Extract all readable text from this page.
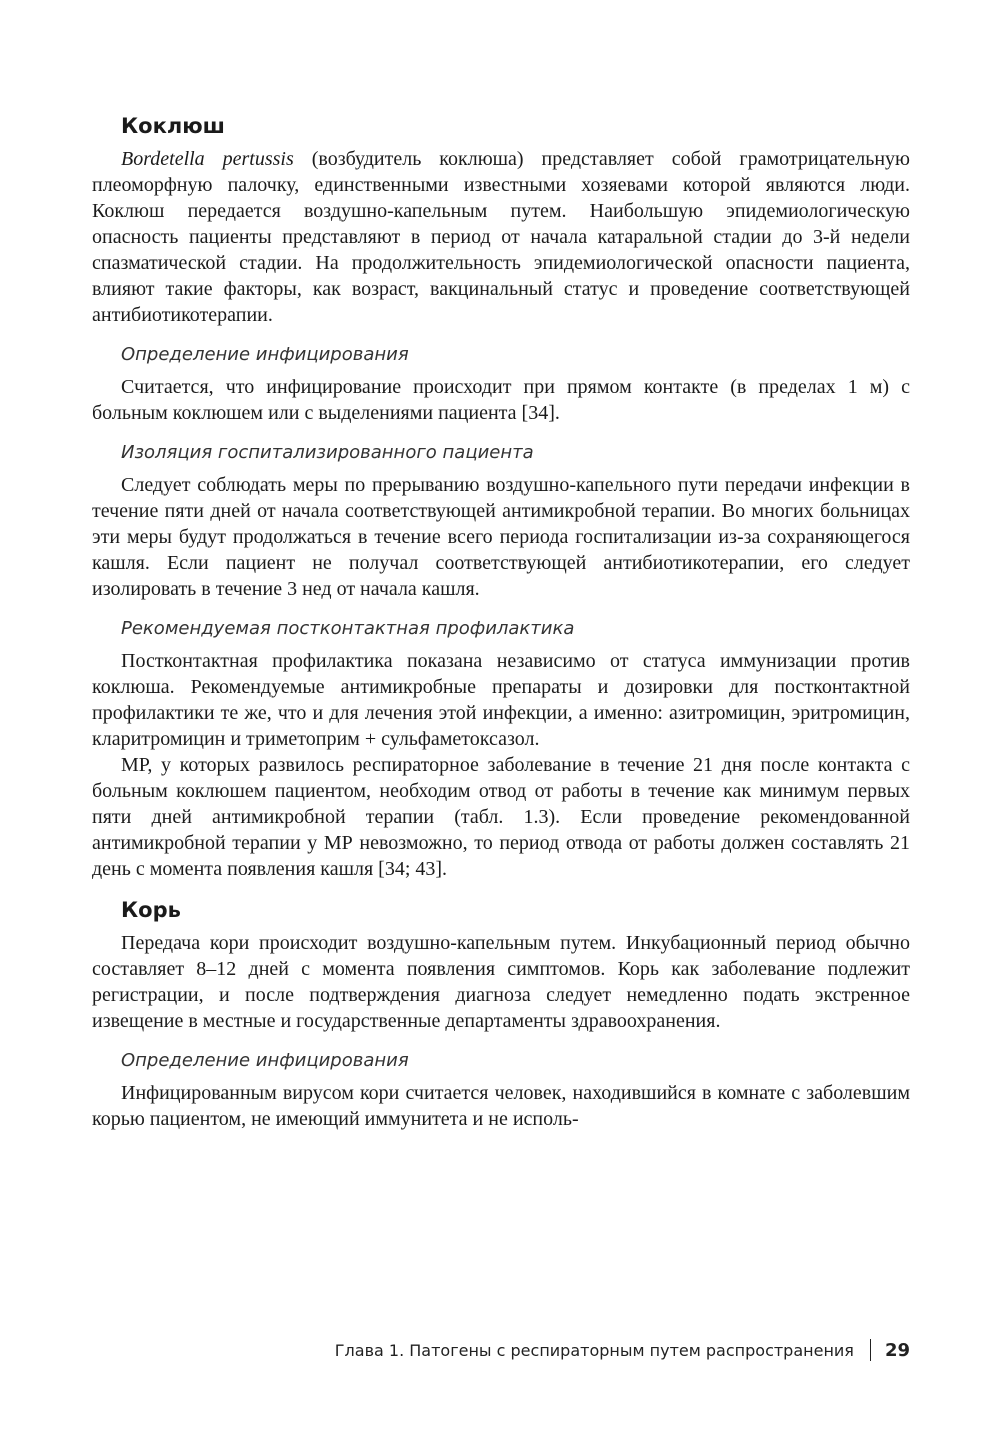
Коклюш

Bordetella pertussis (возбудитель коклюша) представляет собой грамотрицательную плеоморфную палочку, единственными известными хозяевами которой являются люди. Коклюш передается воздушно-капельным путем. Наибольшую эпидемиологическую опасность пациенты представляют в период от начала катаральной стадии до 3-й недели спазматической стадии. На продолжительность эпидемиологической опасности пациента, влияют такие факторы, как возраст, вакцинальный статус и проведение соответствующей антибиотикотерапии.

Определение инфицирования

Считается, что инфицирование происходит при прямом контакте (в пределах 1 м) с больным коклюшем или с выделениями пациента [34].

Изоляция госпитализированного пациента

Следует соблюдать меры по прерыванию воздушно-капельного пути передачи инфекции в течение пяти дней от начала соответствующей антимикробной терапии. Во многих больницах эти меры будут продолжаться в течение всего периода госпитализации из-за сохраняющегося кашля. Если пациент не получал соответствующей антибиотикотерапии, его следует изолировать в течение 3 нед от начала кашля.

Рекомендуемая постконтактная профилактика

Постконтактная профилактика показана независимо от статуса иммунизации против коклюша. Рекомендуемые антимикробные препараты и дозировки для постконтактной профилактики те же, что и для лечения этой инфекции, а именно: азитромицин, эритромицин, кларитромицин и триметоприм + сульфаметоксазол.

МР, у которых развилось респираторное заболевание в течение 21 дня после контакта с больным коклюшем пациентом, необходим отвод от работы в течение как минимум первых пяти дней антимикробной терапии (табл. 1.3). Если проведение рекомендованной антимикробной терапии у МР невозможно, то период отвода от работы должен составлять 21 день с момента появления кашля [34; 43].

Корь

Передача кори происходит воздушно-капельным путем. Инкубационный период обычно составляет 8–12 дней с момента появления симптомов. Корь как заболевание подлежит регистрации, и после подтверждения диагноза следует немедленно подать экстренное извещение в местные и государственные департаменты здравоохранения.

Определение инфицирования

Инфицированным вирусом кори считается человек, находившийся в комнате с заболевшим корью пациентом, не имеющий иммунитета и не исполь-

Глава 1. Патогены с респираторным путем распространения 29
